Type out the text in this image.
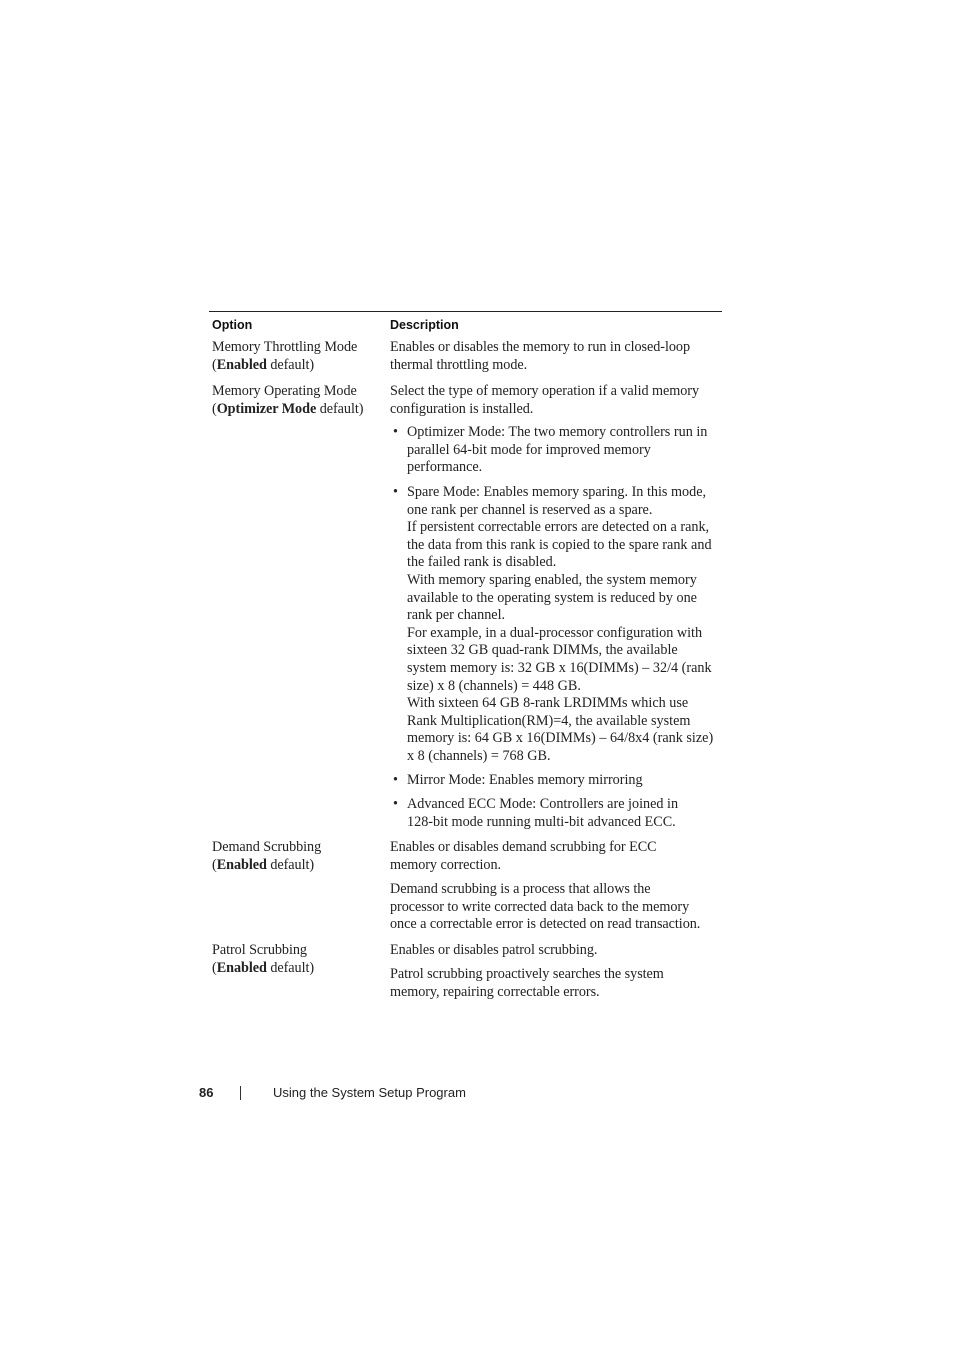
Option	Description
Memory Throttling Mode
(Enabled default)
Enables or disables the memory to run in closed-loop
thermal throttling mode.
Memory Operating Mode
(Optimizer Mode default)
Select the type of memory operation if a valid memory
configuration is installed.
• Optimizer Mode: The two memory controllers run in
parallel 64-bit mode for improved memory
performance.
• Spare Mode: Enables memory sparing. In this mode,
one rank per channel is reserved as a spare.
If persistent correctable errors are detected on a rank,
the data from this rank is copied to the spare rank and
the failed rank is disabled.
With memory sparing enabled, the system memory
available to the operating system is reduced by one
rank per channel.
For example, in a dual-processor configuration with
sixteen 32 GB quad-rank DIMMs, the available
system memory is: 32 GB x 16(DIMMs) – 32/4 (rank
size) x 8 (channels) = 448 GB.
With sixteen 64 GB 8-rank LRDIMMs which use
Rank Multiplication(RM)=4, the available system
memory is: 64 GB x 16(DIMMs) – 64/8x4 (rank size)
x 8 (channels) = 768 GB.
• Mirror Mode: Enables memory mirroring
• Advanced ECC Mode: Controllers are joined in
128-bit mode running multi-bit advanced ECC.
Demand Scrubbing
(Enabled default)
Enables or disables demand scrubbing for ECC
memory correction.
Demand scrubbing is a process that allows the
processor to write corrected data back to the memory
once a correctable error is detected on read transaction.
Patrol Scrubbing
(Enabled default)
Enables or disables patrol scrubbing.
Patrol scrubbing proactively searches the system
memory, repairing correctable errors.
86	Using the System Setup Program
